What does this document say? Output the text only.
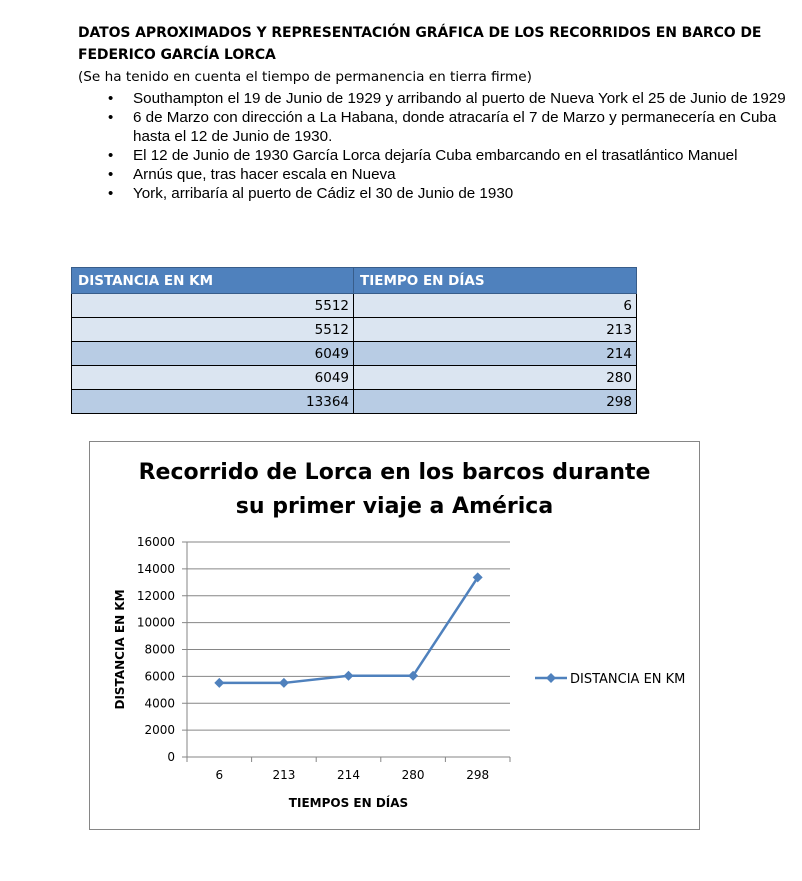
DATOS APROXIMADOS Y REPRESENTACIÓN GRÁFICA DE LOS RECORRIDOS EN BARCO DE FEDERICO GARCÍA LORCA
(Se ha tenido en cuenta el tiempo de permanencia en tierra firme)
• Southampton el 19 de Junio de 1929 y arribando al puerto de Nueva York el 25 de Junio de 1929
• 6 de Marzo con dirección a La Habana, donde atracaría el 7 de Marzo y permanecería en Cuba hasta el 12 de Junio de 1930.
• El 12 de Junio de 1930 García Lorca dejaría Cuba embarcando en el trasatlántico Manuel
• Arnús que, tras hacer escala en Nueva
• York, arribaría al puerto de Cádiz el 30 de Junio de 1930
DISTANCIA EN KM	TIEMPO EN DÍAS
5512	6
5512	213
6049	214
6049	280
13364	298
Recorrido de Lorca en los barcos durante
su primer viaje a América
0
2000
4000
6000
8000
10000
12000
14000
16000
6	213	214	280	298
TIEMPOS EN DÍAS
DISTANCIA EN KM	DISTANCIA EN KM
